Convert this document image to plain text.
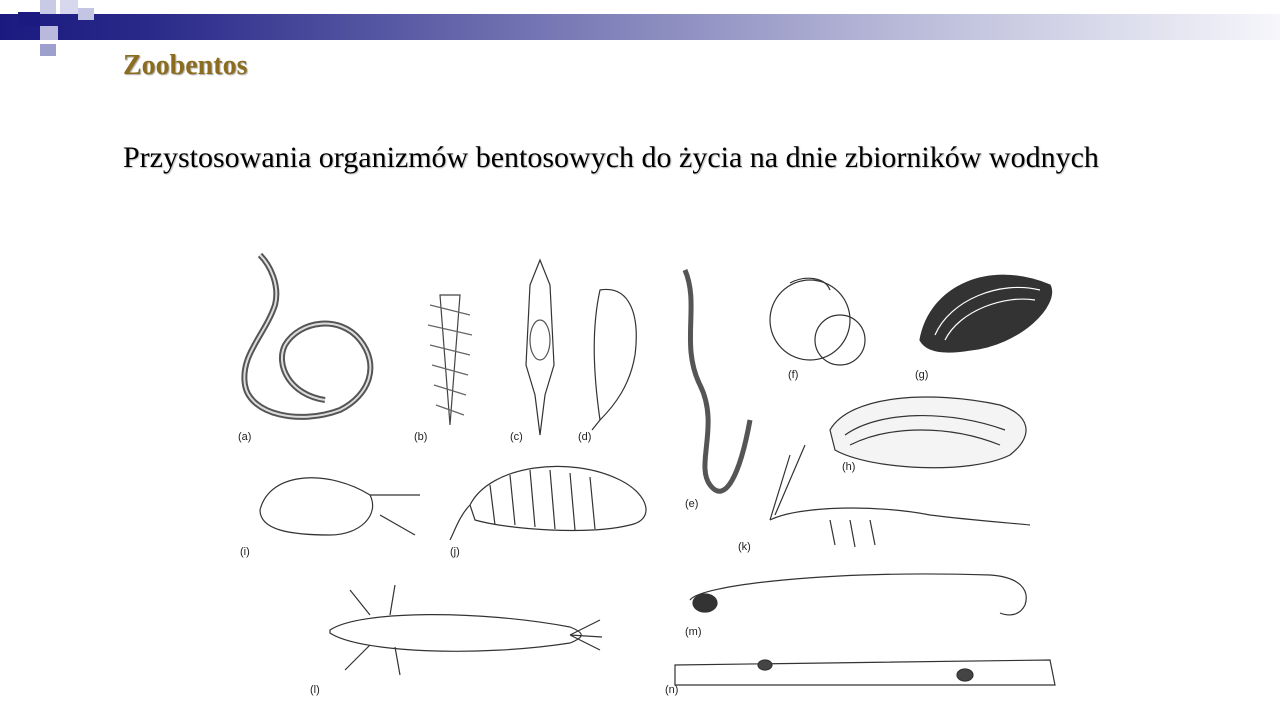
Zoobentos

Przystosowania organizmów bentosowych do życia na dnie zbiorników wodnych

(a)	(b)	(c)	(d)
(e)
(f)	(g)
(h)
(i)	(j)	(k)
(l)
(m)
(n)
